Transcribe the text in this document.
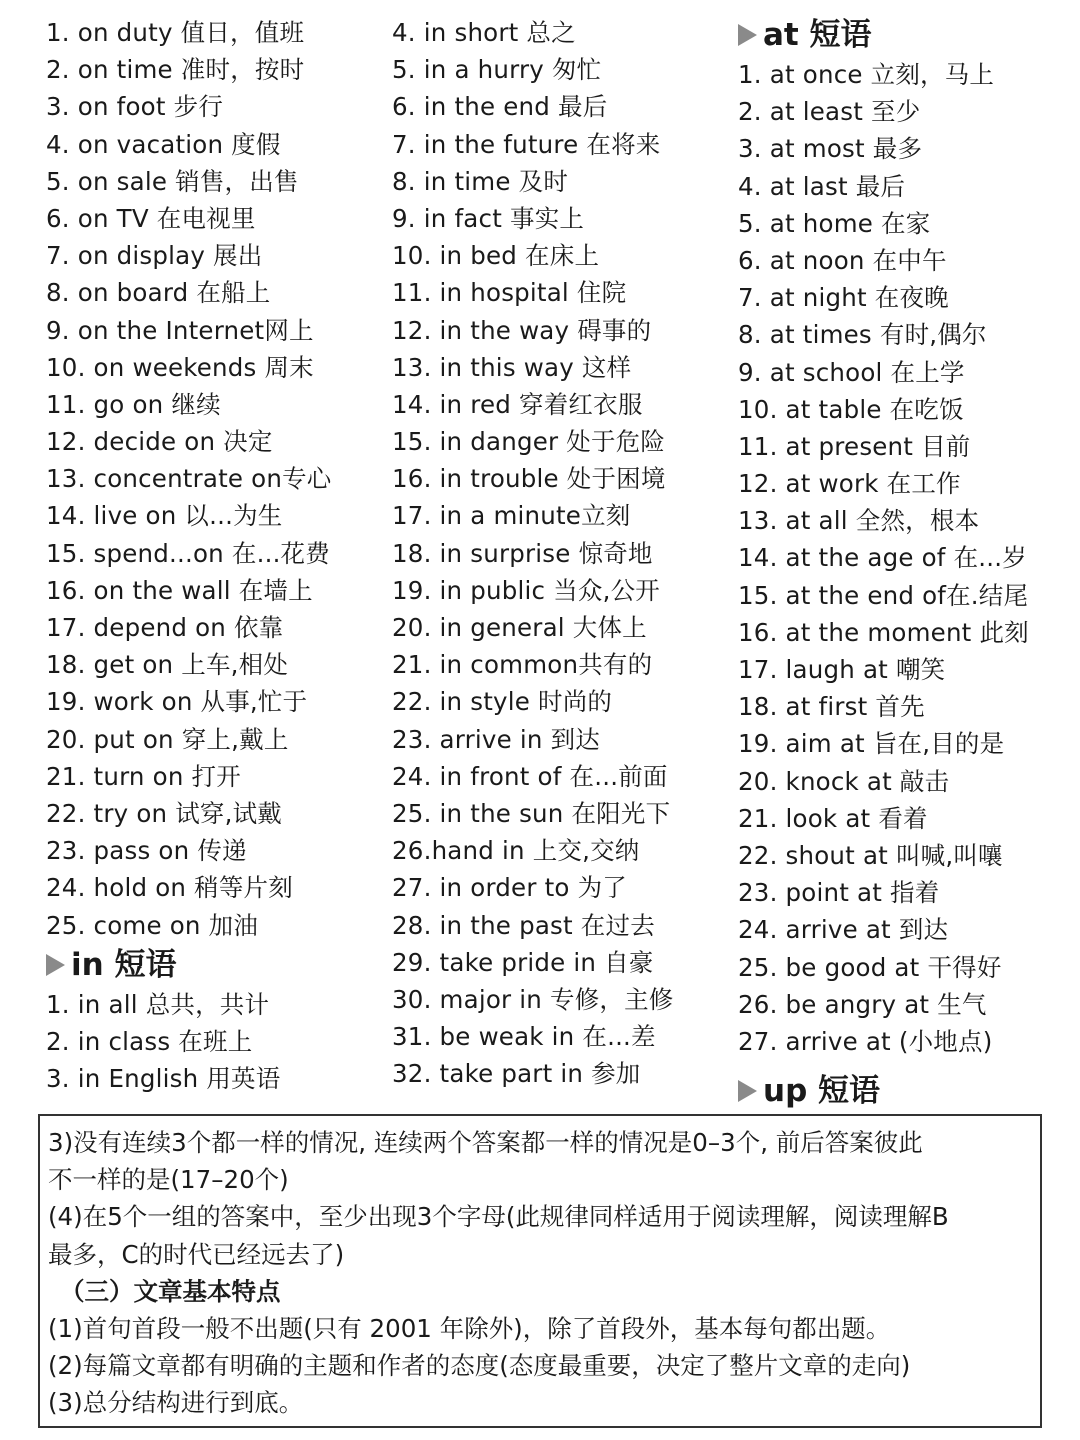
1. on duty 值日，值班
2. on time 准时，按时
3. on foot 步行
4. on vacation 度假
5. on sale 销售，出售
6. on TV 在电视里
7. on display 展出
8. on board 在船上
9. on the Internet网上
10. on weekends 周末
11. go on 继续
12. decide on 决定
13. concentrate on专心
14. live on 以...为生
15. spend...on 在...花费
16. on the wall 在墙上
17. depend on 依靠
18. get on 上车,相处
19. work on 从事,忙于
20. put on 穿上,戴上
21. turn on 打开
22. try on 试穿,试戴
23. pass on 传递
24. hold on 稍等片刻
25. come on 加油
in 短语
1. in all 总共，共计
2. in class 在班上
3. in English 用英语
4. in short 总之
5. in a hurry 匆忙
6. in the end 最后
7. in the future 在将来
8. in time 及时
9. in fact 事实上
10. in bed 在床上
11. in hospital 住院
12. in the way 碍事的
13. in this way 这样
14. in red 穿着红衣服
15. in danger 处于危险
16. in trouble 处于困境
17. in a minute立刻
18. in surprise 惊奇地
19. in public 当众,公开
20. in general 大体上
21. in common共有的
22. in style 时尚的
23. arrive in 到达
24. in front of 在...前面
25. in the sun 在阳光下
26.hand in 上交,交纳
27. in order to 为了
28. in the past 在过去
29. take pride in 自豪
30. major in 专修，主修
31. be weak in 在...差
32. take part in 参加
at 短语
1. at once 立刻，马上
2. at least 至少
3. at most 最多
4. at last 最后
5. at home 在家
6. at noon 在中午
7. at night 在夜晚
8. at times 有时,偶尔
9. at school 在上学
10. at table 在吃饭
11. at present 目前
12. at work 在工作
13. at all 全然，根本
14. at the age of 在...岁
15. at the end of在.结尾
16. at the moment 此刻
17. laugh at 嘲笑
18. at first 首先
19. aim at 旨在,目的是
20. knock at 敲击
21. look at 看着
22. shout at 叫喊,叫嚷
23. point at 指着
24. arrive at 到达
25. be good at 干得好
26. be angry at 生气
27. arrive at (小地点)
up 短语
3)没有连续3个都一样的情况, 连续两个答案都一样的情况是0–3个, 前后答案彼此
不一样的是(17–20个)
(4)在5个一组的答案中，至少出现3个字母(此规律同样适用于阅读理解，阅读理解B
最多，C的时代已经远去了)
（三）文章基本特点
(1)首句首段一般不出题(只有 2001 年除外)，除了首段外，基本每句都出题。
(2)每篇文章都有明确的主题和作者的态度(态度最重要，决定了整片文章的走向)
(3)总分结构进行到底。
